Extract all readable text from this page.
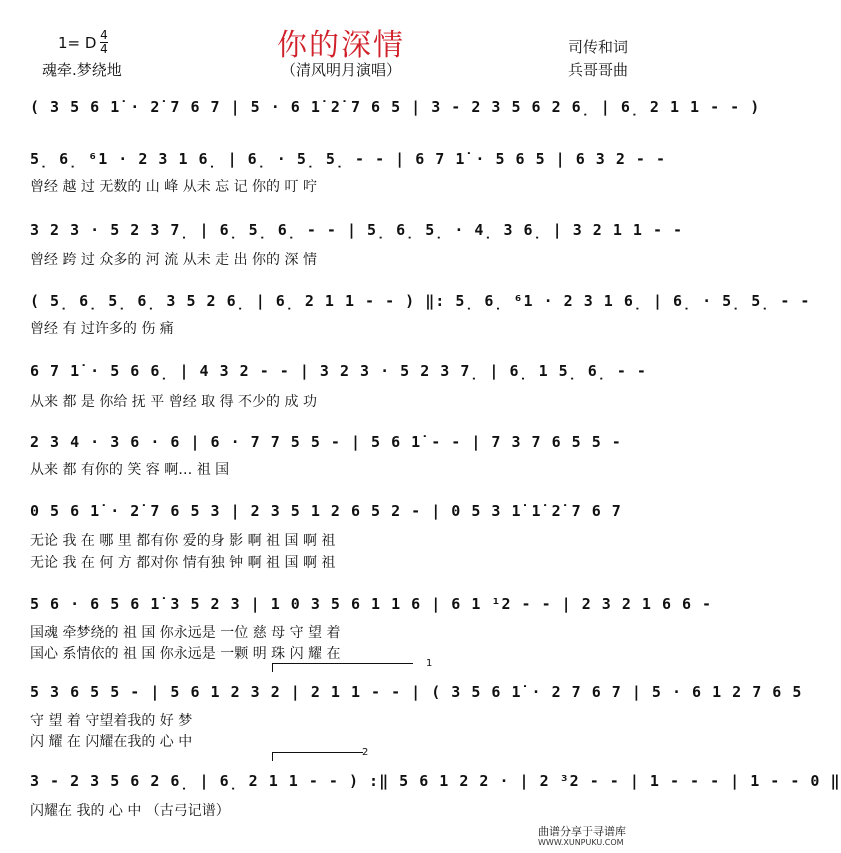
你的深情
（清风明月演唱）
1= D 4
4
魂牵.梦绕地
司传和词
兵哥哥曲
( 3 5 6 1̇ · 2̇ 7 6 7 | 5 · 6 1̇ 2̇ 7 6 5 | 3 - 2 3 5 6 2 6̣ | 6̣ 2 1 1 - - )
5̣ 6̣ ⁶1 · 2 3 1 6̣ | 6̣ · 5̣ 5̣ - - | 6 7 1̇ · 5 6 5 | 6 3 2 - -
曾经 越 过 无数的 山 峰 从未 忘 记 你的 叮 咛
3 2 3 · 5 2 3 7̣ | 6̣ 5̣ 6̣ - - | 5̣ 6̣ 5̣ · 4̣ 3 6̣ | 3 2 1 1 - -
曾经 跨 过 众多的 河 流 从未 走 出 你的 深 情
( 5̣ 6̣ 5̣ 6̣ 3 5 2 6̣ | 6̣ 2 1 1 - - ) ‖: 5̣ 6̣ ⁶1 · 2 3 1 6̣ | 6̣ · 5̣ 5̣ - -
曾经 有 过许多的 伤 痛
6 7 1̇ · 5 6 6̣ | 4 3 2 - - | 3 2 3 · 5 2 3 7̣ | 6̣ 1 5̣ 6̣ - -
从来 都 是 你给 抚 平 曾经 取 得 不少的 成 功
2 3 4 · 3 6 · 6 | 6 · 7 7 5 5 - | 5 6 1̇ - - | 7 3 7 6 5 5 -
从来 都 有你的 笑 容 啊… 祖 国
0 5 6 1̇ · 2̇ 7 6 5 3 | 2 3 5 1 2 6 5 2 - | 0 5 3 1̇ 1̇ 2̇ 7 6 7
无论 我 在 哪 里 都有你 爱的身 影 啊 祖 国 啊 祖
无论 我 在 何 方 都对你 情有独 钟 啊 祖 国 啊 祖
5 6 · 6 5 6 1̇ 3 5 2 3 | 1 0 3 5 6 1 1 6 | 6 1 ¹2 - - | 2 3 2 1 6 6 -
国魂 牵梦绕的 祖 国 你永远是 一位 慈 母 守 望 着
国心 系情依的 祖 国 你永远是 一颗 明 珠 闪 耀 在
5 3 6 5 5 - | 5 6 1 2 3 2 | 2 1 1 - - | ( 3 5 6 1̇ · 2 7 6 7 | 5 · 6 1 2 7 6 5
守 望 着 守望着我的 好 梦
闪 耀 在 闪耀在我的 心 中
3 - 2 3 5 6 2 6̣ | 6̣ 2 1 1 - - ) :‖ 5 6 1 2 2 · | 2 ³2 - - | 1 - - - | 1 - - 0 ‖
闪耀在 我的 心 中 （古弓记谱）
1
2
曲谱分享于寻谱库
WWW.XUNPUKU.COM
